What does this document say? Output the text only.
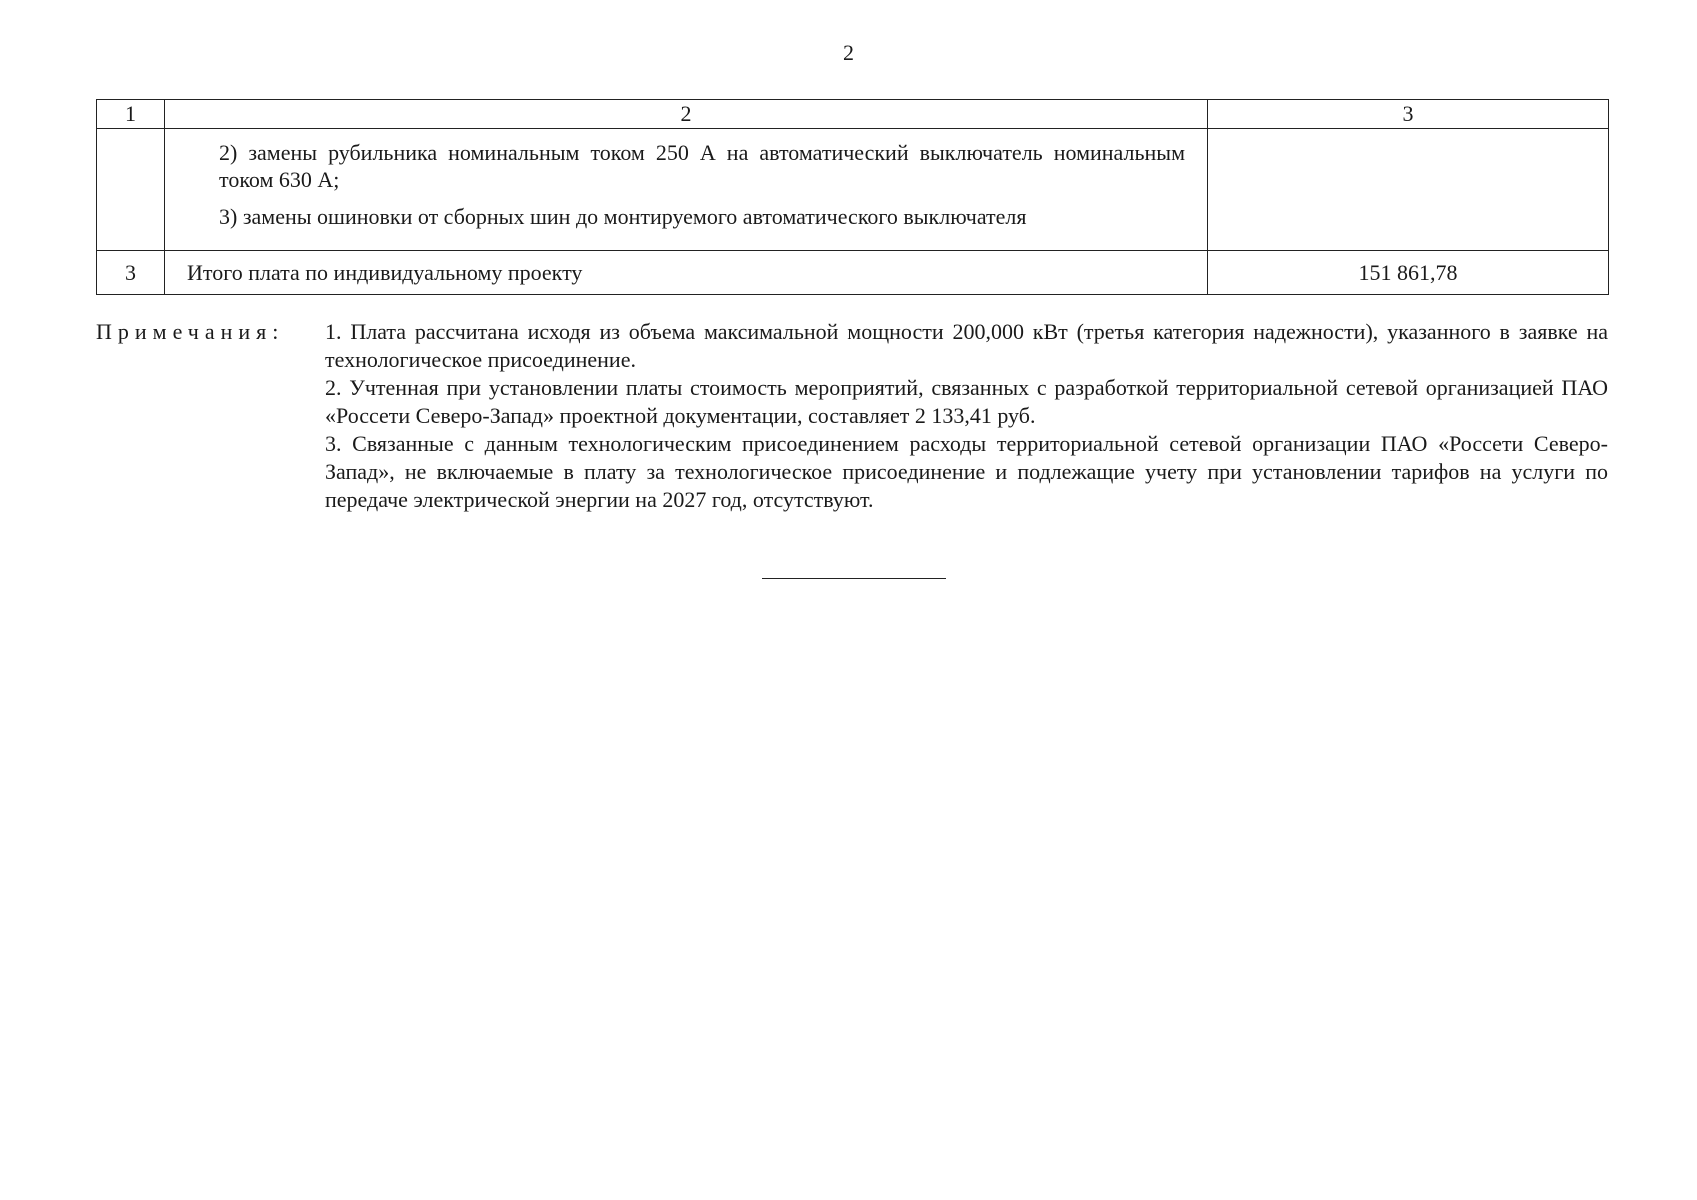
2
1	2	3

	2) замены рубильника номинальным током 250 А на автоматический выключатель номинальным током 630 А;

3) замены ошиновки от сборных шин до монтируемого автоматического выключателя	

3	Итого плата по индивидуальному проекту	151 861,78
Примечания: 1. Плата рассчитана исходя из объема максимальной мощности 200,000 кВт (третья категория надежности), указанного в заявке на технологическое присоединение.

2. Учтенная при установлении платы стоимость мероприятий, связанных с разработкой территориальной сетевой организацией ПАО «Россети Северо-Запад» проектной документации, составляет 2 133,41 руб.

3. Связанные с данным технологическим присоединением расходы территориальной сетевой организации ПАО «Россети Северо-Запад», не включаемые в плату за технологическое присоединение и подлежащие учету при установлении тарифов на услуги по передаче электрической энергии на 2027 год, отсутствуют.
